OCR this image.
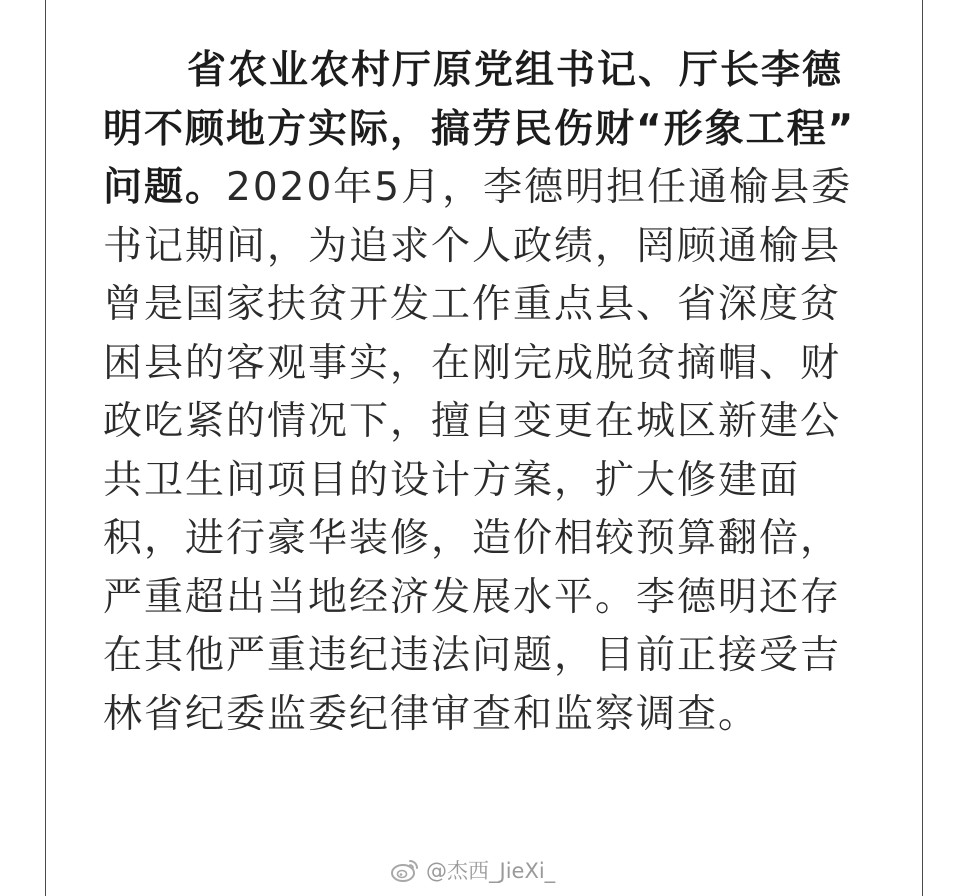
省农业农村厅原党组书记、厅长李德
明不顾地方实际，搞劳民伤财“形象工程”
问题。2020年5月，李德明担任通榆县委
书记期间，为追求个人政绩，罔顾通榆县
曾是国家扶贫开发工作重点县、省深度贫
困县的客观事实，在刚完成脱贫摘帽、财
政吃紧的情况下，擅自变更在城区新建公
共卫生间项目的设计方案，扩大修建面
积，进行豪华装修，造价相较预算翻倍，
严重超出当地经济发展水平。李德明还存
在其他严重违纪违法问题，目前正接受吉
林省纪委监委纪律审查和监察调查。
@杰西_JieXi_
